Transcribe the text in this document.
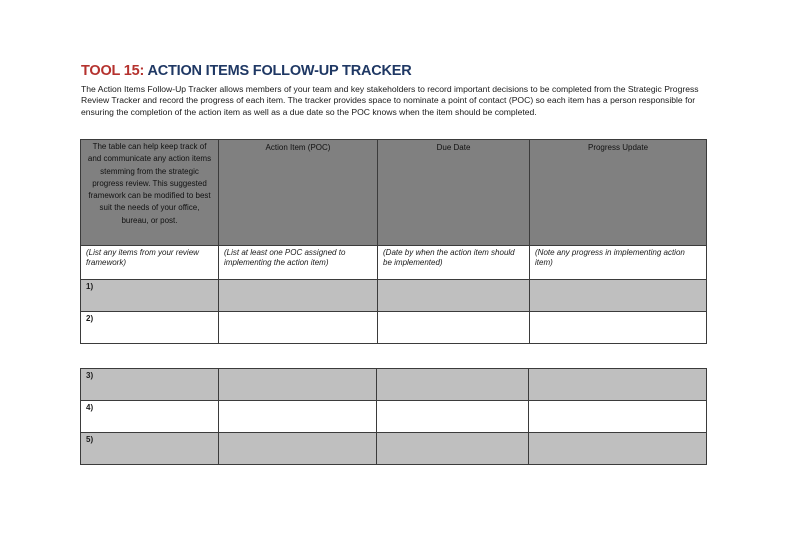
TOOL 15: ACTION ITEMS FOLLOW-UP TRACKER
The Action Items Follow-Up Tracker allows members of your team and key stakeholders to record important decisions to be completed from the Strategic Progress Review Tracker and record the progress of each item. The tracker provides space to nominate a point of contact (POC) so each item has a person responsible for ensuring the completion of the action item as well as a due date so the POC knows when the item should be completed.
The table can help keep track of and communicate any action items stemming from the strategic progress review. This suggested framework can be modified to best suit the needs of your office, bureau, or post.	Action Item (POC)	Due Date	Progress Update
(List any items from your review framework)	(List at least one POC assigned to implementing the action item)	(Date by when the action item should be implemented)	(Note any progress in implementing action item)
1)			
2)			
3)			
4)			
5)			
